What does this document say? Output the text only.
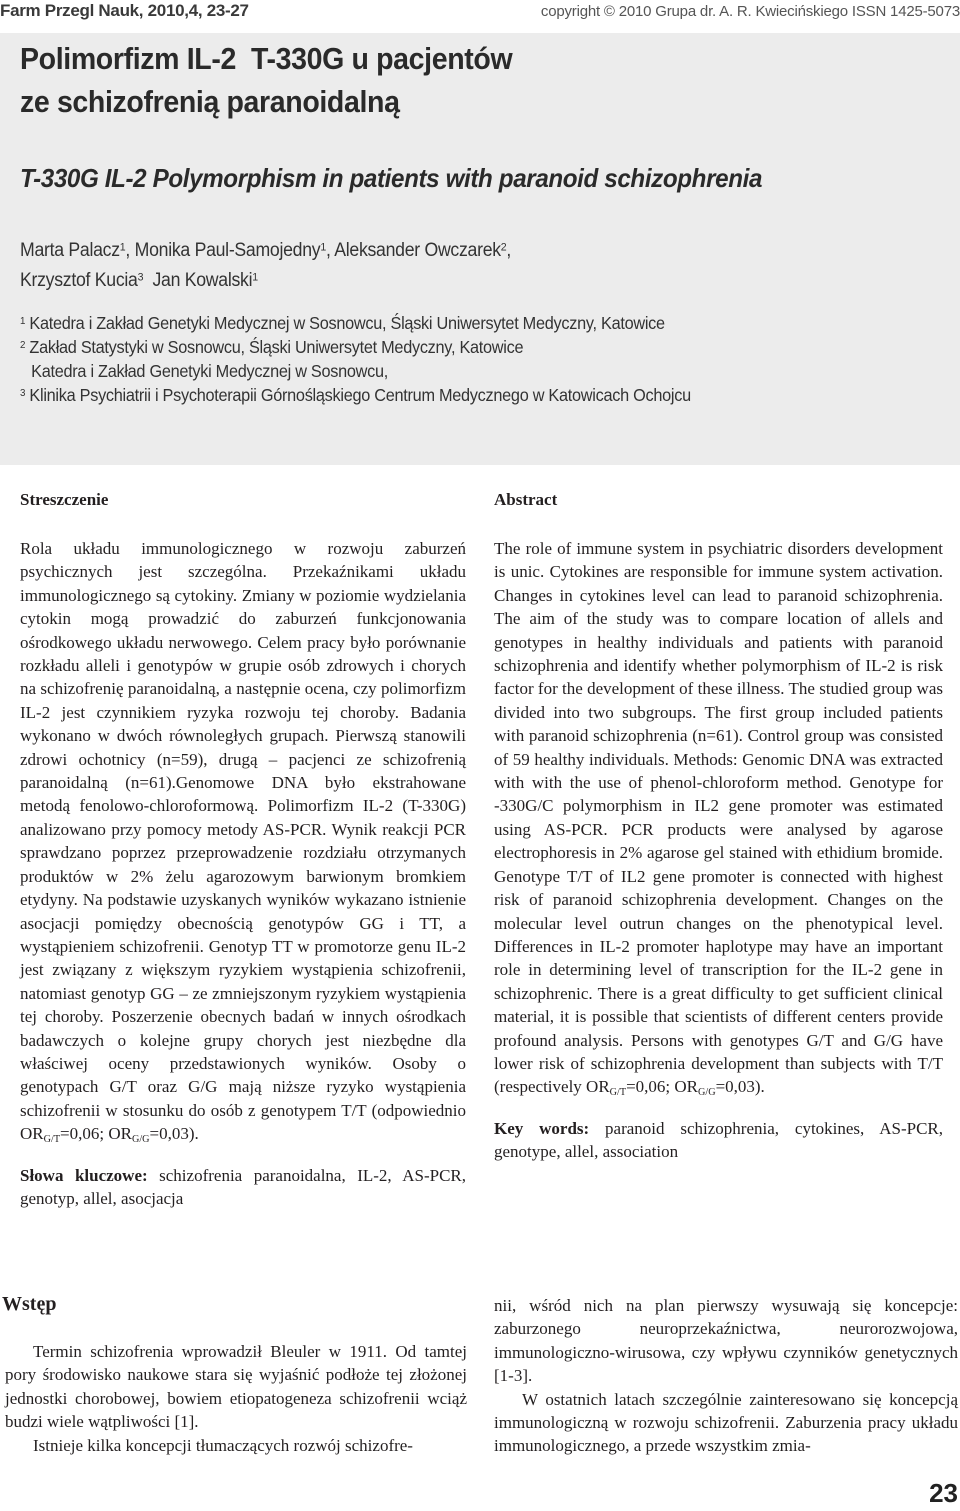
Farm Przegl Nauk, 2010,4, 23-27	copyright © 2010 Grupa dr. A. R. Kwiecińskiego ISSN 1425-5073
Polimorfizm IL-2  T-330G u pacjentów
ze schizofrenią paranoidalną
T-330G IL-2 Polymorphism in patients with paranoid schizophrenia
Marta Palacz$^1$, Monika Paul-Samojedny$^1$, Aleksander Owczarek$^2$,
Krzysztof Kucia$^3$  Jan Kowalski$^1$
$^1$ Katedra i Zakład Genetyki Medycznej w Sosnowcu, Śląski Uniwersytet Medyczny, Katowice
$^2$ Zakład Statystyki w Sosnowcu, Śląski Uniwersytet Medyczny, Katowice
Katedra i Zakład Genetyki Medycznej w Sosnowcu,
$^3$ Klinika Psychiatrii i Psychoterapii Górnośląskiego Centrum Medycznego w Katowicach Ochojcu
Streszczenie

Rola układu immunologicznego w rozwoju zaburzeń psychicznych jest szczególna. Przekaźnikami układu immunologicznego są cytokiny. Zmiany w poziomie wydzielania cytokin mogą prowadzić do zaburzeń funkcjonowania ośrodkowego układu nerwowego. Celem pracy było porównanie rozkładu alleli i genotypów w grupie osób zdrowych i chorych na schizofrenię paranoidalną, a następnie ocena, czy polimorfizm IL-2 jest czynnikiem ryzyka rozwoju tej choroby. Badania wykonano w dwóch równoległych grupach. Pierwszą stanowili zdrowi ochotnicy (n=59), drugą – pacjenci ze schizofrenią paranoidalną (n=61).Genomowe DNA było ekstrahowane metodą fenolowo-chloroformową. Polimorfizm IL-2 (T-330G) analizowano przy pomocy metody AS-PCR. Wynik reakcji PCR sprawdzano poprzez przeprowadzenie rozdziału otrzymanych produktów w 2% żelu agarozowym barwionym bromkiem etydyny. Na podstawie uzyskanych wyników wykazano istnienie asocjacji pomiędzy obecnością genotypów GG i TT, a wystąpieniem schizofrenii. Genotyp TT w promotorze genu IL-2 jest związany z większym ryzykiem wystąpienia schizofrenii, natomiast genotyp GG – ze zmniejszonym ryzykiem wystąpienia tej choroby. Poszerzenie obecnych badań w innych ośrodkach badawczych o kolejne grupy chorych jest niezbędne dla właściwej oceny przedstawionych wyników. Osoby o genotypach G/T oraz G/G mają niższe ryzyko wystąpienia schizofrenii w stosunku do osób z genotypem T/T (odpowiednio $OR_{G/T}=0,06$; $OR_{G/G}=0,03$).

Słowa kluczowe: schizofrenia paranoidalna, IL-2, AS-PCR, genotyp, allel, asocjacja

Abstract

The role of immune system in psychiatric disorders development is unic. Cytokines are responsible for immune system activation. Changes in cytokines level can lead to paranoid schizophrenia. The aim of the study was to compare location of allels and genotypes in healthy individuals and patients with paranoid schizophrenia and identify whether polymorphism of IL-2 is risk factor for the development of these illness. The studied group was divided into two subgroups. The first group included patients with paranoid schizophrenia (n=61). Control group was consisted of 59 healthy individuals. Methods: Genomic DNA was extracted with with the use of phenol-chloroform method. Genotype for -330G/C polymorphism in IL2 gene promoter was estimated using AS-PCR. PCR products were analysed by agarose electrophoresis in 2% agarose gel stained with ethidium bromide. Genotype T/T of IL2 gene promoter is connected with highest risk of paranoid schizophrenia development. Changes on the molecular level outrun changes on the phenotypical level. Differences in IL-2 promoter haplotype may have an important role in determining level of transcription for the IL-2 gene in schizophrenic. There is a great difficulty to get sufficient clinical material, it is possible that scientists of different centers provide profound analysis. Persons with genotypes G/T and G/G have lower risk of schizophrenia development than subjects with T/T (respectively $OR_{G/T}=0,06$; $OR_{G/G}=0,03$).

Key words: paranoid schizophrenia, cytokines, AS-PCR, genotype, allel, association

Wstęp

Termin schizofrenia wprowadził Bleuler w 1911. Od tamtej pory środowisko naukowe stara się wyjaśnić podłoże tej złożonej jednostki chorobowej, bowiem etiopatogeneza schizofrenii wciąż budzi wiele wątpliwości [1].

Istnieje kilka koncepcji tłumaczących rozwój schizofre-

nii, wśród nich na plan pierwszy wysuwają się koncepcje: zaburzonego neuroprzekaźnictwa, neurorozwojowa, immunologiczno-wirusowa, czy wpływu czynników genetycznych [1-3].

W ostatnich latach szczególnie zainteresowano się koncepcją immunologiczną w rozwoju schizofrenii. Zaburzenia pracy układu immunologicznego, a przede wszystkim zmia-

23
